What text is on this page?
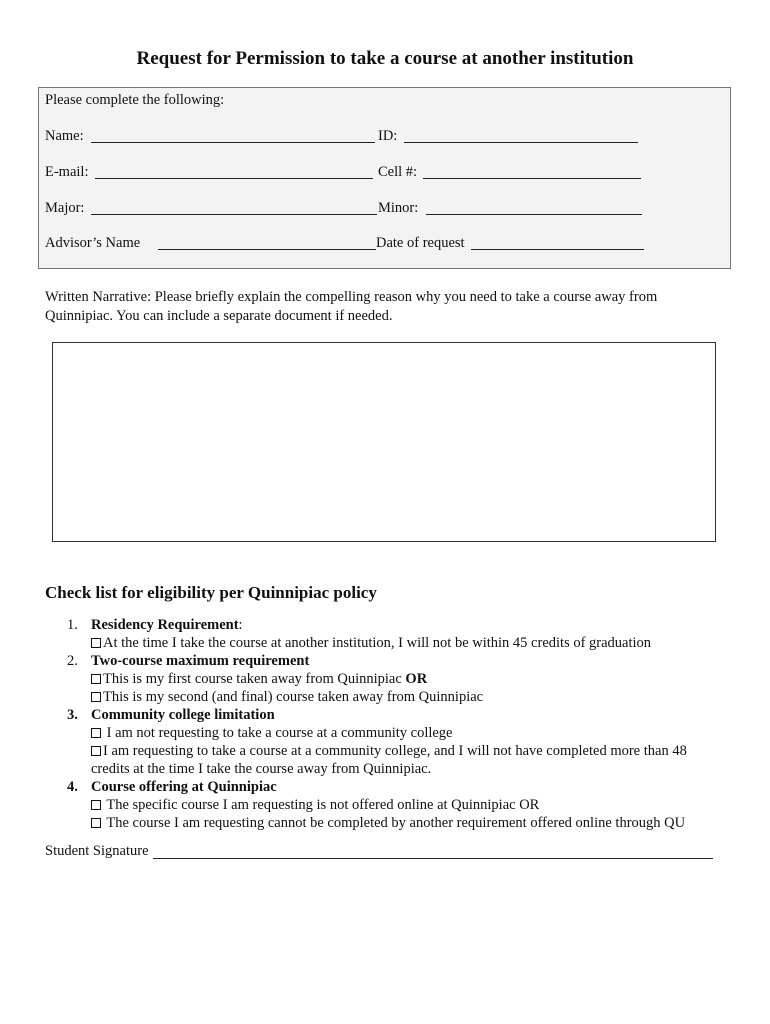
Request for Permission to take a course at another institution
Please complete the following:
Name:	ID:
E-mail:	Cell #:
Major:	Minor:
Advisor’s Name	Date of request
Written Narrative: Please briefly explain the compelling reason why you need to take a course away from
Quinnipiac. You can include a separate document if needed.
Check list for eligibility per Quinnipiac policy
1. Residency Requirement:
At the time I take the course at another institution, I will not be within 45 credits of graduation
2. Two-course maximum requirement
This is my first course taken away from Quinnipiac OR
This is my second (and final) course taken away from Quinnipiac
3. Community college limitation
I am not requesting to take a course at a community college
I am requesting to take a course at a community college, and I will not have completed more than 48
credits at the time I take the course away from Quinnipiac.
4. Course offering at Quinnipiac
The specific course I am requesting is not offered online at Quinnipiac OR
The course I am requesting cannot be completed by another requirement offered online through QU
Student Signature
